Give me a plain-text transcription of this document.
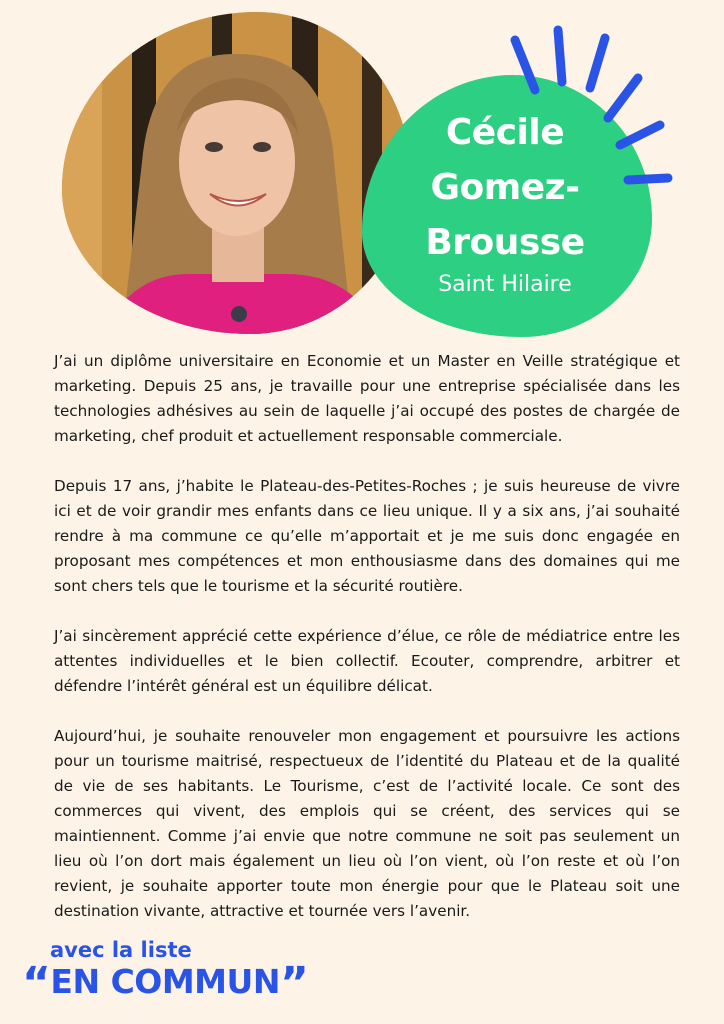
Cécile
Gomez-
Brousse
Saint Hilaire

J’ai un diplôme universitaire en Economie et un Master en Veille stratégique et marketing. Depuis 25 ans, je travaille pour une entreprise spécialisée dans les technologies adhésives au sein de laquelle j’ai occupé des postes de chargée de marketing, chef produit et actuellement responsable commerciale.

Depuis 17 ans, j’habite le Plateau-des-Petites-Roches ; je suis heureuse de vivre ici et de voir grandir mes enfants dans ce lieu unique. Il y a six ans, j’ai souhaité rendre à ma commune ce qu’elle m’apportait et je me suis donc engagée en proposant mes compétences et mon enthousiasme dans des domaines qui me sont chers tels que le tourisme et la sécurité routière.

J’ai sincèrement apprécié cette expérience d’élue, ce rôle de médiatrice entre les attentes individuelles et le bien collectif. Ecouter, comprendre, arbitrer et défendre l’intérêt général est un équilibre délicat.

Aujourd’hui, je souhaite renouveler mon engagement et poursuivre les actions pour un tourisme maitrisé, respectueux de l’identité du Plateau et de la qualité de vie de ses habitants. Le Tourisme, c’est de l’activité locale. Ce sont des commerces qui vivent, des emplois qui se créent, des services qui se maintiennent. Comme j’ai envie que notre commune ne soit pas seulement un lieu où l’on dort mais également un lieu où l’on vient, où l’on reste et où l’on revient, je souhaite apporter toute mon énergie pour que le Plateau soit une destination vivante, attractive et tournée vers l’avenir.

avec la liste
“ EN COMMUN ”
